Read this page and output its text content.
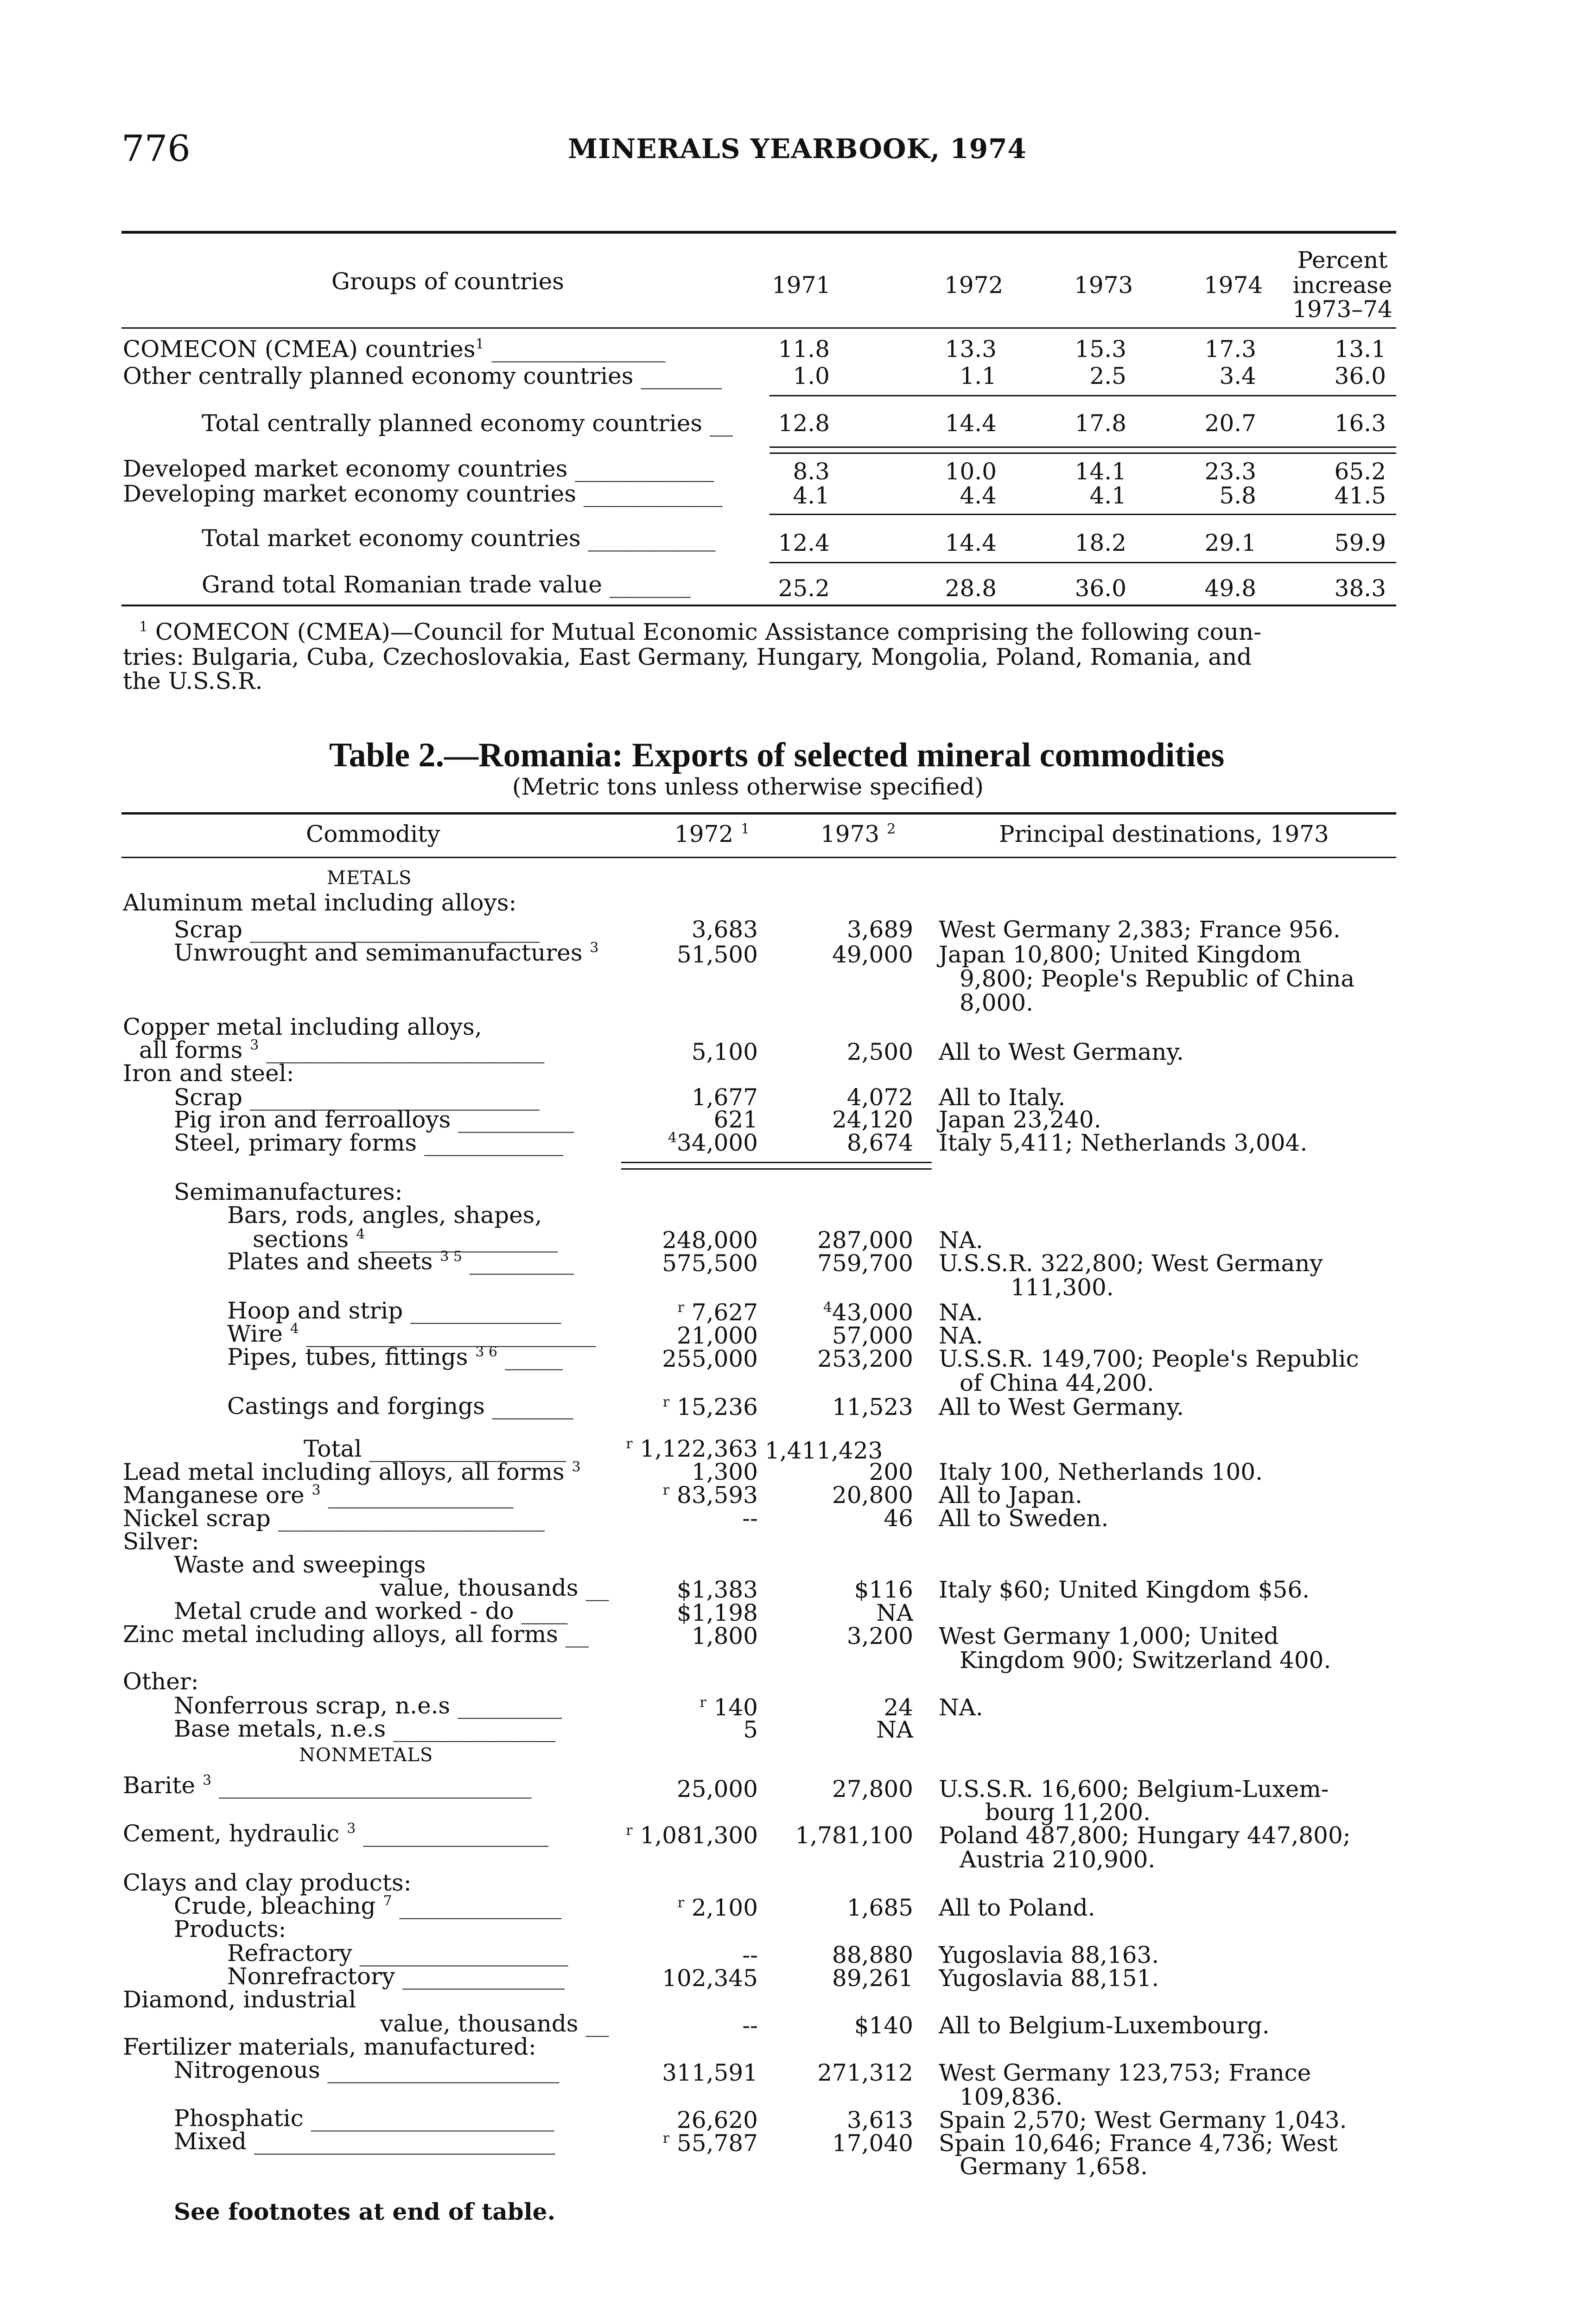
776	MINERALS YEARBOOK, 1974
Groups of countries	1971	1972	1973	1974
Percent
increase
1973–74
COMECON (CMEA) countries$^1$ _______________	11.8	13.3	15.3	17.3	13.1
Other centrally planned economy countries _______	1.0	1.1	2.5	3.4	36.0
Total centrally planned economy countries __	12.8	14.4	17.8	20.7	16.3
Developed market economy countries ____________	8.3	10.0	14.1	23.3	65.2
Developing market economy countries ____________	4.1	4.4	4.1	5.8	41.5
Total market economy countries ___________	12.4	14.4	18.2	29.1	59.9
Grand total Romanian trade value _______	25.2	28.8	36.0	49.8	38.3
$^1$ COMECON (CMEA)—Council for Mutual Economic Assistance comprising the following coun-
tries: Bulgaria, Cuba, Czechoslovakia, East Germany, Hungary, Mongolia, Poland, Romania, and
the U.S.S.R.
Table 2.—Romania: Exports of selected mineral commodities
(Metric tons unless otherwise specified)
Commodity	1972 $^1$	1973 $^2$	Principal destinations, 1973
METALS
Aluminum metal including alloys:
Scrap _________________________	3,683	3,689 West Germany 2,383; France 956.
Unwrought and semimanufactures $^3$	51,500	49,000 Japan 10,800; United Kingdom
9,800; People's Republic of China
8,000.
Copper metal including alloys,
all forms $^3$ ________________________	5,100	2,500 All to West Germany.
Iron and steel:
Scrap _________________________	1,677	4,072 All to Italy.
Pig iron and ferroalloys __________	621	24,120 Japan 23,240.
Steel, primary forms ____________	$^4$34,000	8,674 Italy 5,411; Netherlands 3,004.
Semimanufactures:
Bars, rods, angles, shapes,
sections $^4$ ________________	248,000	287,000 NA.
Plates and sheets $^{3 5}$ _________	575,500	759,700 U.S.S.R. 322,800; West Germany
111,300.
Hoop and strip _____________	$^r$ 7,627	$^4$43,000 NA.
Wire $^4$ _________________________	21,000	57,000 NA.
Pipes, tubes, fittings $^{3 6}$ _____	255,000	253,200 U.S.S.R. 149,700; People's Republic
of China 44,200.
Castings and forgings _______	$^r$ 15,236	11,523 All to West Germany.
Total _________________	$^r$ 1,122,363 1,411,423
Lead metal including alloys, all forms $^3$	1,300	200 Italy 100, Netherlands 100.
Manganese ore $^3$ ________________	$^r$ 83,593	20,800 All to Japan.
Nickel scrap _______________________	--	46 All to Sweden.
Silver:
Waste and sweepings
value, thousands __	$1,383	$116 Italy $60; United Kingdom $56.
Metal crude and worked - do ____	$1,198	NA
Zinc metal including alloys, all forms __	1,800	3,200 West Germany 1,000; United
Kingdom 900; Switzerland 400.
Other:
Nonferrous scrap, n.e.s _________	$^r$ 140	24 NA.
Base metals, n.e.s ______________	5	NA
NONMETALS
Barite $^3$ ___________________________	25,000	27,800 U.S.S.R. 16,600; Belgium-Luxem-
bourg 11,200.
Cement, hydraulic $^3$ ________________	$^r$ 1,081,300	1,781,100 Poland 487,800; Hungary 447,800;
Austria 210,900.
Clays and clay products:
Crude, bleaching $^7$ ______________	$^r$ 2,100	1,685 All to Poland.
Products:
Refractory __________________	--	88,880 Yugoslavia 88,163.
Nonrefractory ______________	102,345	89,261 Yugoslavia 88,151.
Diamond, industrial
value, thousands __	--	$140 All to Belgium-Luxembourg.
Fertilizer materials, manufactured:
Nitrogenous ____________________	311,591	271,312 West Germany 123,753; France
109,836.
Phosphatic _____________________	26,620	3,613 Spain 2,570; West Germany 1,043.
Mixed __________________________	$^r$ 55,787	17,040 Spain 10,646; France 4,736; West
Germany 1,658.
See footnotes at end of table.
